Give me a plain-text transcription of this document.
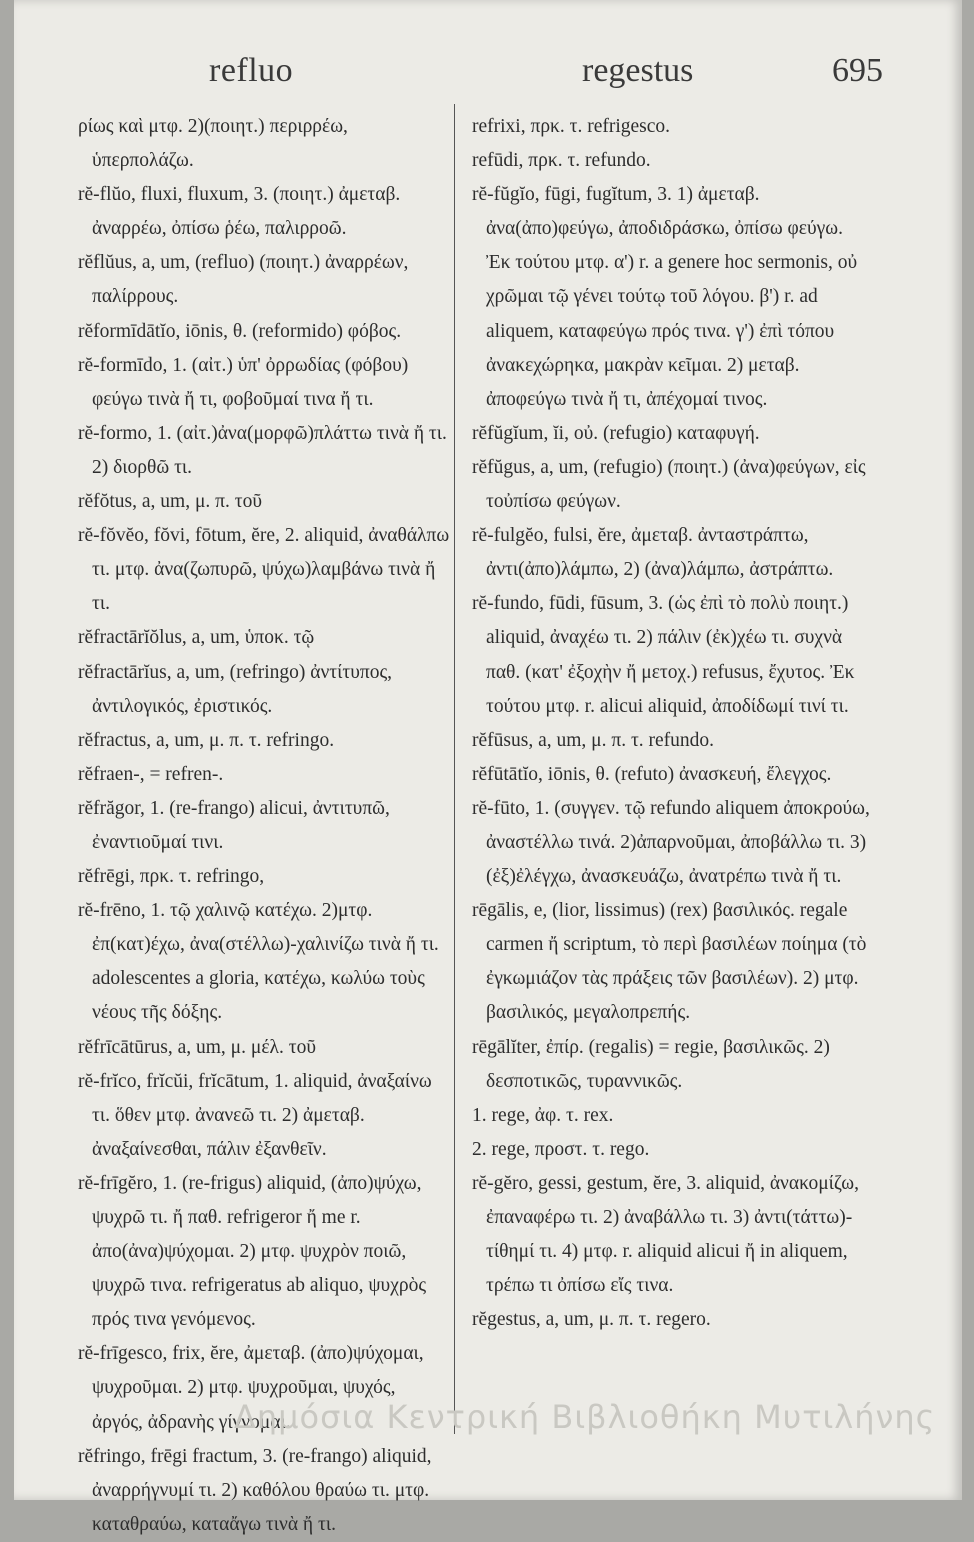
refluo	regestus	695

ρίως καὶ μτφ. 2)(ποιητ.) περιρρέω, ὑπερπολάζω.

rĕ-flŭo, fluxi, fluxum, 3. (ποιητ.) ἀμεταβ. ἀναρρέω, ὀπίσω ῥέω, παλιρροῶ.

rĕflŭus, a, um, (refluo) (ποιητ.) ἀναρρέων, παλίρρους.

rĕformīdātĭo, iōnis, θ. (reformido) φόβος.

rĕ-formīdo, 1. (αἰτ.) ὑπ' ὀρρωδίας (φόβου) φεύγω τινὰ ἤ τι, φοβοῦμαί τινα ἤ τι.

rĕ-formo, 1. (αἰτ.)ἀνα(μορφῶ)πλάττω τινὰ ἤ τι. 2) διορθῶ τι.

rĕfŏtus, a, um, μ. π. τοῦ

rĕ-fŏvĕo, fŏvi, fōtum, ĕre, 2. aliquid, ἀναθάλπω τι. μτφ. ἀνα(ζωπυρῶ, ψύχω)λαμβάνω τινὰ ἤ τι.

rĕfractārĭŏlus, a, um, ὑποκ. τῷ

rĕfractārĭus, a, um, (refringo) ἀντίτυπος, ἀντιλογικός, ἐριστικός.

rĕfractus, a, um, μ. π. τ. refringo.

rĕfraen-, = refren-.

rĕfrăgor, 1. (re-frango) alicui, ἀντιτυπῶ, ἐναντιοῦμαί τινι.

rĕfrēgi, πρκ. τ. refringo,

rĕ-frēno, 1. τῷ χαλινῷ κατέχω. 2)μτφ. ἐπ(κατ)έχω, ἀνα(στέλλω)-χαλινίζω τινὰ ἤ τι. adolescentes a gloria, κατέχω, κωλύω τοὺς νέους τῆς δόξης.

rĕfrīcātūrus, a, um, μ. μέλ. τοῦ

rĕ-frĭco, frĭcŭi, frĭcātum, 1. aliquid, ἀναξαίνω τι. ὅθεν μτφ. ἀνανεῶ τι. 2) ἀμεταβ. ἀναξαίνεσθαι, πάλιν ἐξανθεῖν.

rĕ-frīgĕro, 1. (re-frigus) aliquid, (ἀπο)ψύχω, ψυχρῶ τι. ἤ παθ. refrigeror ἤ me r. ἀπο(ἀνα)ψύχομαι. 2) μτφ. ψυχρὸν ποιῶ, ψυχρῶ τινα. refrigeratus ab aliquo, ψυχρὸς πρός τινα γενόμενος.

rĕ-frīgesco, frix, ĕre, ἀμεταβ. (ἀπο)ψύχομαι, ψυχροῦμαι. 2) μτφ. ψυχροῦμαι, ψυχός, ἀργός, ἀδρανὴς γίγνομαι.

rĕfringo, frēgi fractum, 3. (re-frango) aliquid, ἀναρρήγνυμί τι. 2) καθόλου θραύω τι. μτφ. καταθραύω, καταἄγω τινὰ ἤ τι.

refrixi, πρκ. τ. refrigesco.

refūdi, πρκ. τ. refundo.

rĕ-fŭgĭo, fūgi, fugĭtum, 3. 1) ἀμεταβ. ἀνα(ἀπο)φεύγω, ἀποδιδράσκω, ὀπίσω φεύγω. Ἐκ τούτου μτφ. α') r. a genere hoc sermonis, οὐ χρῶμαι τῷ γένει τούτῳ τοῦ λόγου. β') r. ad aliquem, καταφεύγω πρός τινα. γ') ἐπὶ τόπου ἀνακεχώρηκα, μακρὰν κεῖμαι. 2) μεταβ. ἀποφεύγω τινὰ ἤ τι, ἀπέχομαί τινος.

rĕfŭgĭum, ĭi, οὐ. (refugio) καταφυγή.

rĕfŭgus, a, um, (refugio) (ποιητ.) (ἀνα)φεύγων, εἰς τοὐπίσω φεύγων.

rĕ-fulgĕo, fulsi, ĕre, ἀμεταβ. ἀνταστράπτω, ἀντι(ἀπο)λάμπω, 2) (ἀνα)λάμπω, ἀστράπτω.

rĕ-fundo, fūdi, fūsum, 3. (ὡς ἐπὶ τὸ πολὺ ποιητ.) aliquid, ἀναχέω τι. 2) πάλιν (ἐκ)χέω τι. συχνὰ παθ. (κατ' ἐξοχὴν ἤ μετοχ.) refusus, ἔχυτος. Ἐκ τούτου μτφ. r. alicui aliquid, ἀποδίδωμί τινί τι.

rĕfūsus, a, um, μ. π. τ. refundo.

rĕfūtātĭo, iōnis, θ. (refuto) ἀνασκευή, ἔλεγχος.

rĕ-fūto, 1. (συγγεν. τῷ refundo aliquem ἀποκρούω, ἀναστέλλω τινά. 2)ἀπαρνοῦμαι, ἀποβάλλω τι. 3) (ἐξ)ἐλέγχω, ἀνασκευάζω, ἀνατρέπω τινὰ ἤ τι.

rēgālis, e, (lior, lissimus) (rex) βασιλικός. regale carmen ἤ scriptum, τὸ περὶ βασιλέων ποίημα (τὸ ἐγκωμιάζον τὰς πράξεις τῶν βασιλέων). 2) μτφ. βασιλικός, μεγαλοπρεπής.

rēgālĭter, ἐπίρ. (regalis) = regie, βασιλικῶς. 2) δεσποτικῶς, τυραννικῶς.

1. rege, ἀφ. τ. rex.

2. rege, προστ. τ. rego.

rĕ-gĕro, gessi, gestum, ĕre, 3. aliquid, ἀνακομίζω, ἐπαναφέρω τι. 2) ἀναβάλλω τι. 3) ἀντι(τάττω)-τίθημί τι. 4) μτφ. r. aliquid alicui ἤ in aliquem, τρέπω τι ὀπίσω εἴς τινα.

rĕgestus, a, um, μ. π. τ. regero.

Δημόσια Κεντρική Βιβλιοθήκη Μυτιλήνης
